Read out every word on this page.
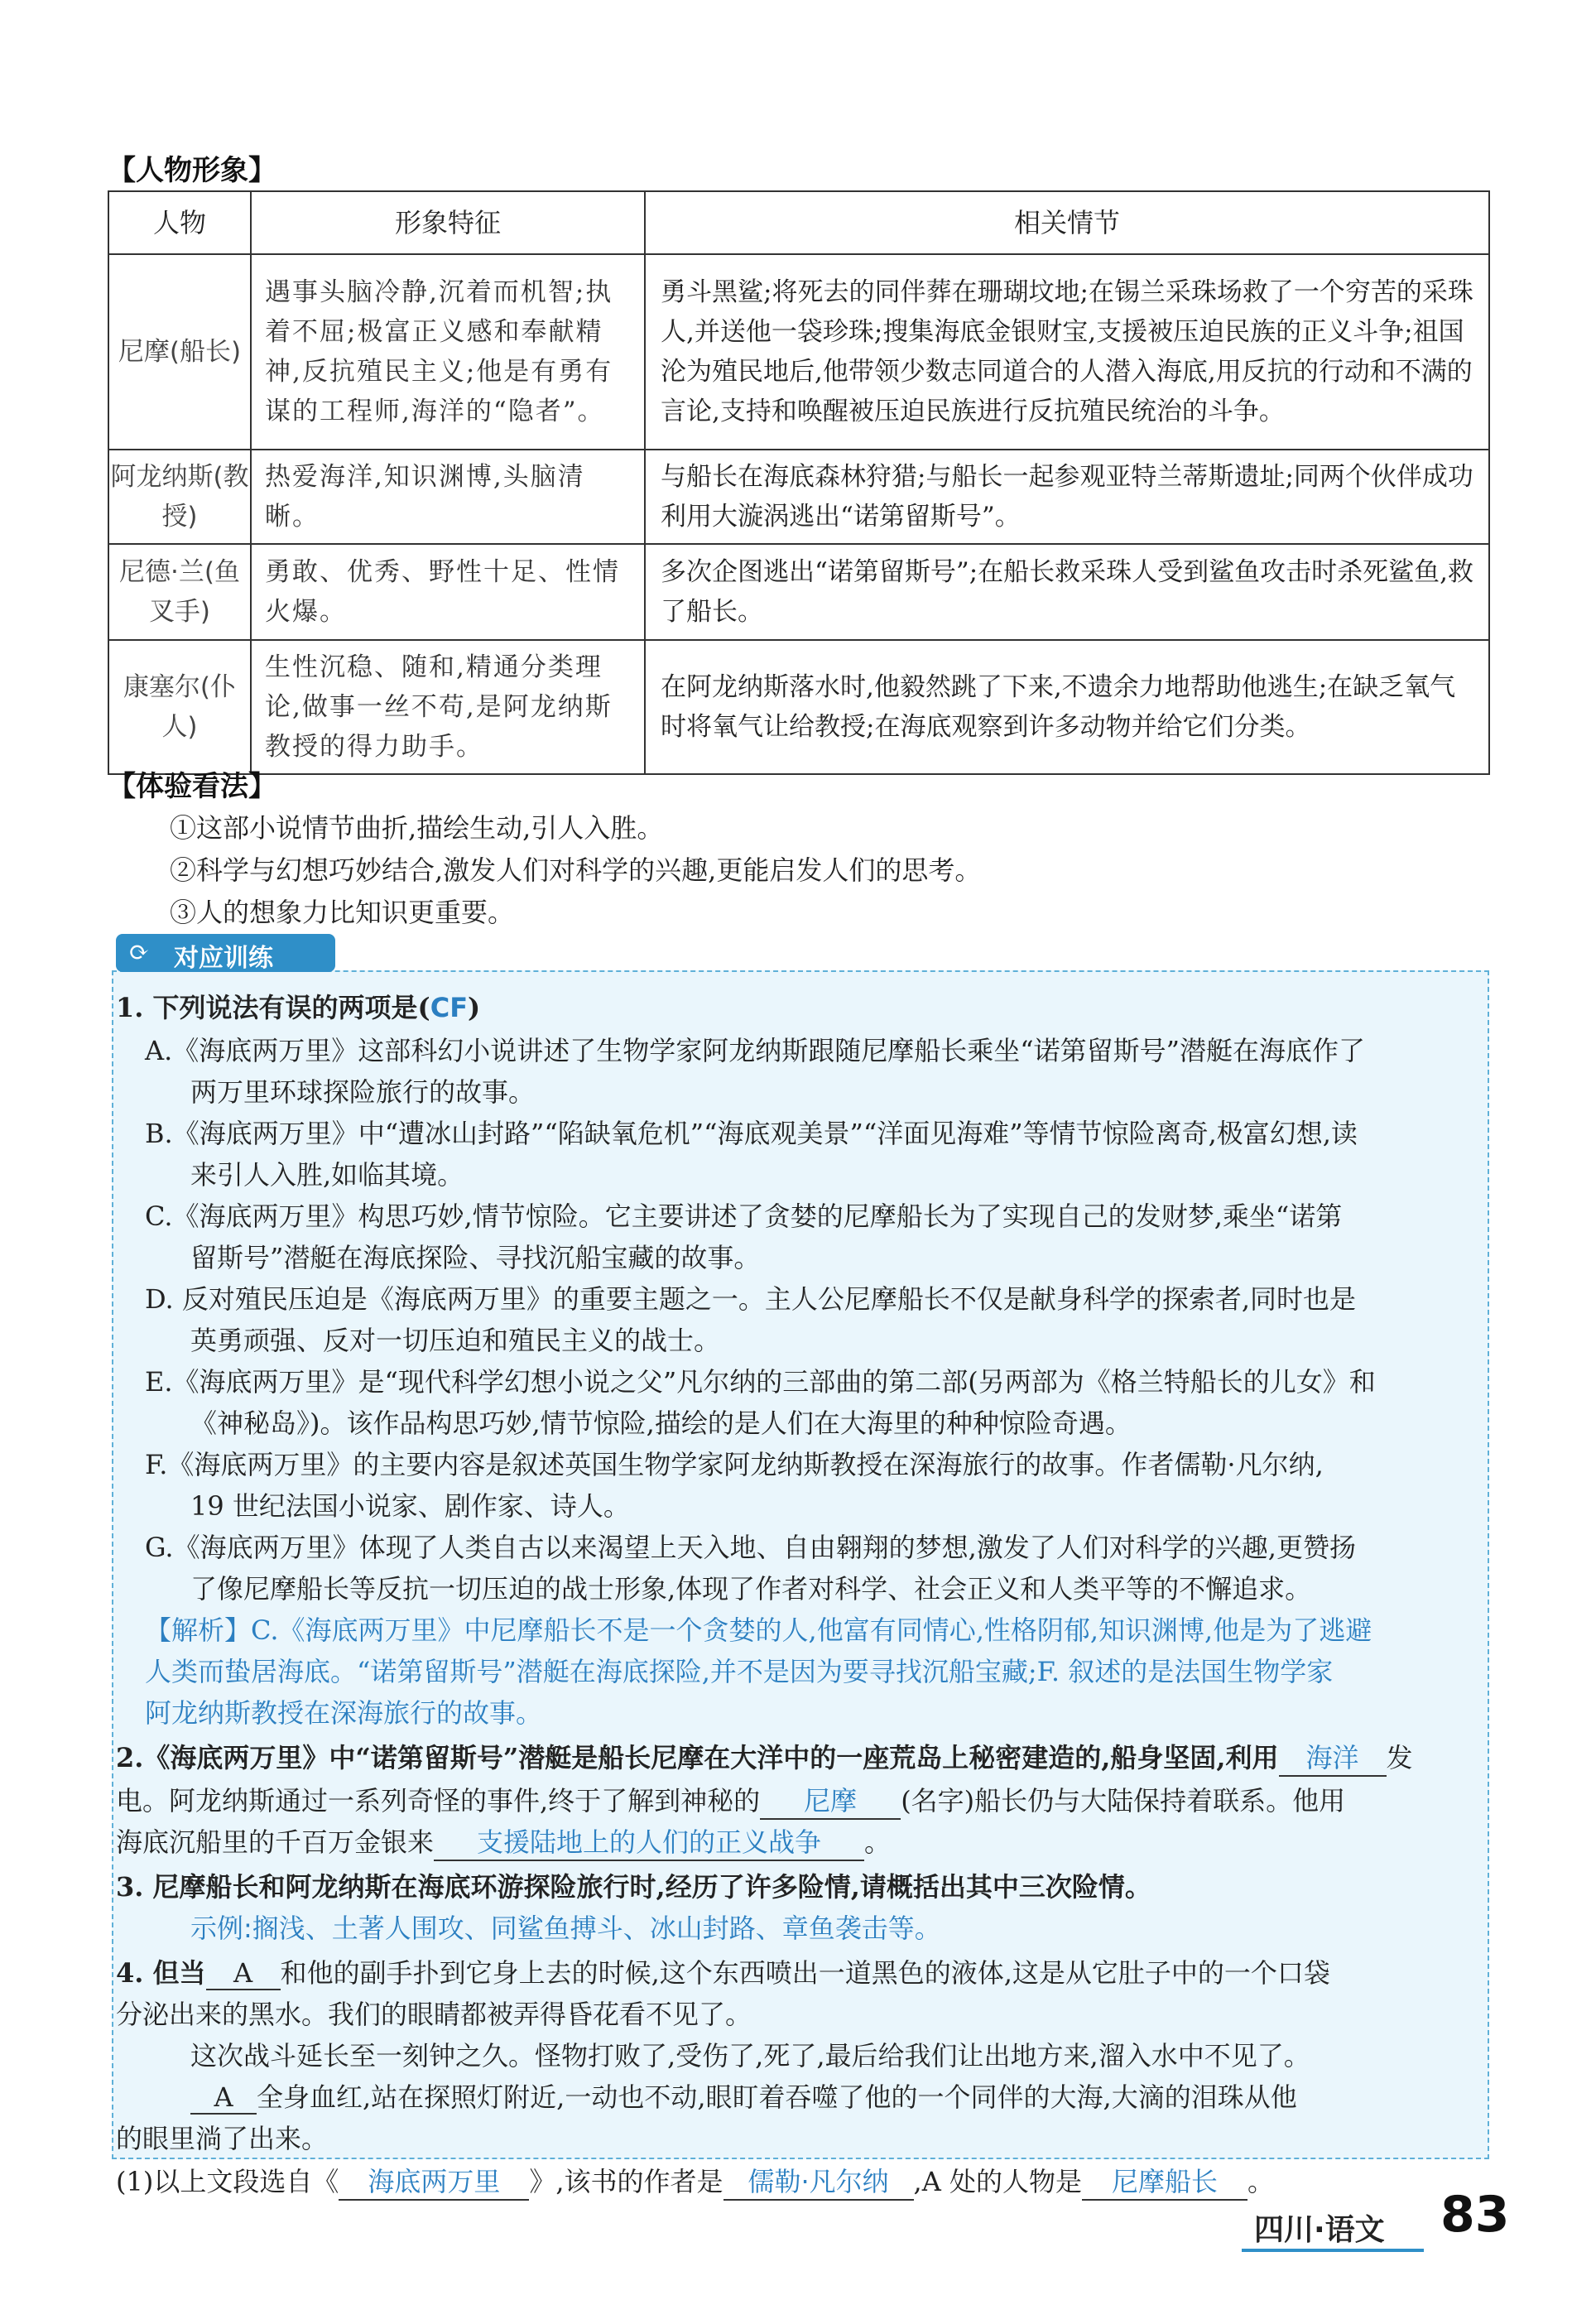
【人物形象】
人物	形象特征	相关情节
尼摩(船长)	遇事头脑冷静,沉着而机智;执着不屈;极富正义感和奉献精神,反抗殖民主义;他是有勇有谋的工程师,海洋的“隐者”。	勇斗黑鲨;将死去的同伴葬在珊瑚坟地;在锡兰采珠场救了一个穷苦的采珠人,并送他一袋珍珠;搜集海底金银财宝,支援被压迫民族的正义斗争;祖国沦为殖民地后,他带领少数志同道合的人潜入海底,用反抗的行动和不满的言论,支持和唤醒被压迫民族进行反抗殖民统治的斗争。
阿龙纳斯(教授)	热爱海洋,知识渊博,头脑清晰。	与船长在海底森林狩猎;与船长一起参观亚特兰蒂斯遗址;同两个伙伴成功利用大漩涡逃出“诺第留斯号”。
尼德·兰(鱼叉手)	勇敢、优秀、野性十足、性情火爆。	多次企图逃出“诺第留斯号”;在船长救采珠人受到鲨鱼攻击时杀死鲨鱼,救了船长。
康塞尔(仆人)	生性沉稳、随和,精通分类理论,做事一丝不苟,是阿龙纳斯教授的得力助手。	在阿龙纳斯落水时,他毅然跳了下来,不遗余力地帮助他逃生;在缺乏氧气时将氧气让给教授;在海底观察到许多动物并给它们分类。
【体验看法】
①这部小说情节曲折,描绘生动,引人入胜。
②科学与幻想巧妙结合,激发人们对科学的兴趣,更能启发人们的思考。
③人的想象力比知识更重要。
⟳ 对应训练
1. 下列说法有误的两项是(CF)
A.《海底两万里》这部科幻小说讲述了生物学家阿龙纳斯跟随尼摩船长乘坐“诺第留斯号”潜艇在海底作了
两万里环球探险旅行的故事。
B.《海底两万里》中“遭冰山封路”“陷缺氧危机”“海底观美景”“洋面见海难”等情节惊险离奇,极富幻想,读
来引人入胜,如临其境。
C.《海底两万里》构思巧妙,情节惊险。它主要讲述了贪婪的尼摩船长为了实现自己的发财梦,乘坐“诺第
留斯号”潜艇在海底探险、寻找沉船宝藏的故事。
D. 反对殖民压迫是《海底两万里》的重要主题之一。主人公尼摩船长不仅是献身科学的探索者,同时也是
英勇顽强、反对一切压迫和殖民主义的战士。
E.《海底两万里》是“现代科学幻想小说之父”凡尔纳的三部曲的第二部(另两部为《格兰特船长的儿女》和
《神秘岛》)。该作品构思巧妙,情节惊险,描绘的是人们在大海里的种种惊险奇遇。
F.《海底两万里》的主要内容是叙述英国生物学家阿龙纳斯教授在深海旅行的故事。作者儒勒·凡尔纳,
19 世纪法国小说家、剧作家、诗人。
G.《海底两万里》体现了人类自古以来渴望上天入地、自由翱翔的梦想,激发了人们对科学的兴趣,更赞扬
了像尼摩船长等反抗一切压迫的战士形象,体现了作者对科学、社会正义和人类平等的不懈追求。
【解析】C.《海底两万里》中尼摩船长不是一个贪婪的人,他富有同情心,性格阴郁,知识渊博,他是为了逃避
人类而蛰居海底。“诺第留斯号”潜艇在海底探险,并不是因为要寻找沉船宝藏;F. 叙述的是法国生物学家
阿龙纳斯教授在深海旅行的故事。
2.《海底两万里》中“诺第留斯号”潜艇是船长尼摩在大洋中的一座荒岛上秘密建造的,船身坚固,利用 海洋 发
电。阿龙纳斯通过一系列奇怪的事件,终于了解到神秘的 尼摩 (名字)船长仍与大陆保持着联系。他用
海底沉船里的千百万金银来 支援陆地上的人们的正义战争 。
3. 尼摩船长和阿龙纳斯在海底环游探险旅行时,经历了许多险情,请概括出其中三次险情。
示例:搁浅、土著人围攻、同鲨鱼搏斗、冰山封路、章鱼袭击等。
4. 但当 A 和他的副手扑到它身上去的时候,这个东西喷出一道黑色的液体,这是从它肚子中的一个口袋
分泌出来的黑水。我们的眼睛都被弄得昏花看不见了。
这次战斗延长至一刻钟之久。怪物打败了,受伤了,死了,最后给我们让出地方来,溜入水中不见了。
A 全身血红,站在探照灯附近,一动也不动,眼盯着吞噬了他的一个同伴的大海,大滴的泪珠从他
的眼里淌了出来。
(1)以上文段选自《 海底两万里 》,该书的作者是 儒勒·凡尔纳 ,A 处的人物是 尼摩船长 。
四川·语文 83
